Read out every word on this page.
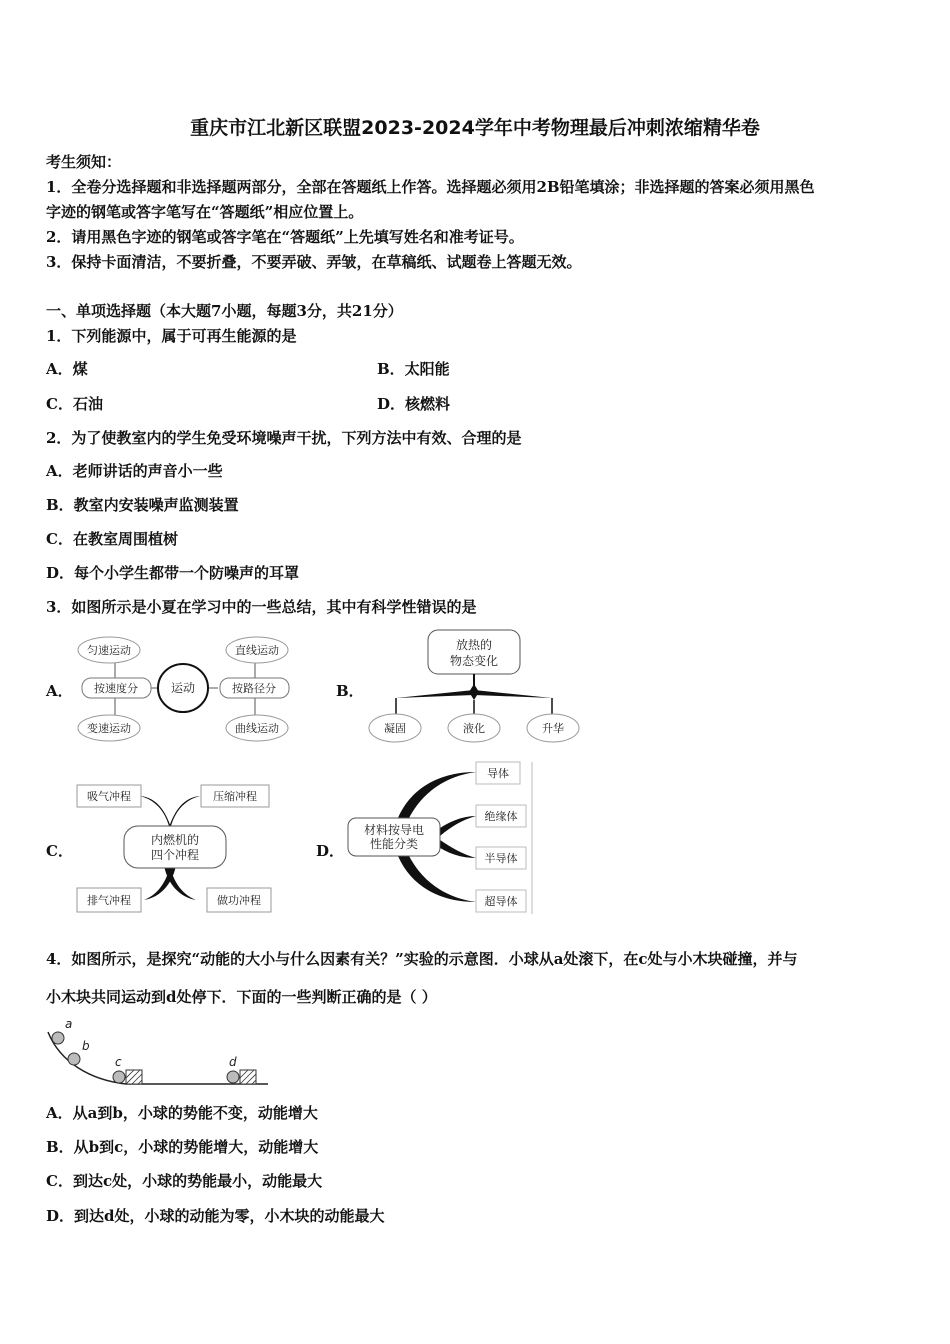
重庆市江北新区联盟2023-2024学年中考物理最后冲刺浓缩精华卷
考生须知：
1．全卷分选择题和非选择题两部分，全部在答题纸上作答。选择题必须用2B铅笔填涂；非选择题的答案必须用黑色
字迹的钢笔或答字笔写在“答题纸”相应位置上。
2．请用黑色字迹的钢笔或答字笔在“答题纸”上先填写姓名和准考证号。
3．保持卡面清洁，不要折叠，不要弄破、弄皱，在草稿纸、试题卷上答题无效。
一、单项选择题（本大题7小题，每题3分，共21分）
1．下列能源中，属于可再生能源的是
A．煤	B．太阳能
C．石油	D．核燃料
2．为了使教室内的学生免受环境噪声干扰，下列方法中有效、合理的是
A．老师讲话的声音小一些
B．教室内安装噪声监测装置
C．在教室周围植树
D．每个小学生都带一个防噪声的耳罩
3．如图所示是小夏在学习中的一些总结，其中有科学性错误的是
A．	运动
按速度分	按路径分
匀速运动
变速运动
直线运动
曲线运动
B．
放热的
物态变化
凝固	液化	升华
C．
内燃机的
四个冲程
吸气冲程	压缩冲程
排气冲程	做功冲程
D．
材料按导电
性能分类
导体
绝缘体
半导体
超导体
4．如图所示，是探究“动能的大小与什么因素有关？”实验的示意图．小球从a处滚下，在c处与小木块碰撞，并与
小木块共同运动到d处停下．下面的一些判断正确的是（ ）
a
b
c	d
A．从a到b，小球的势能不变，动能增大
B．从b到c，小球的势能增大，动能增大
C．到达c处，小球的势能最小，动能最大
D．到达d处，小球的动能为零，小木块的动能最大
